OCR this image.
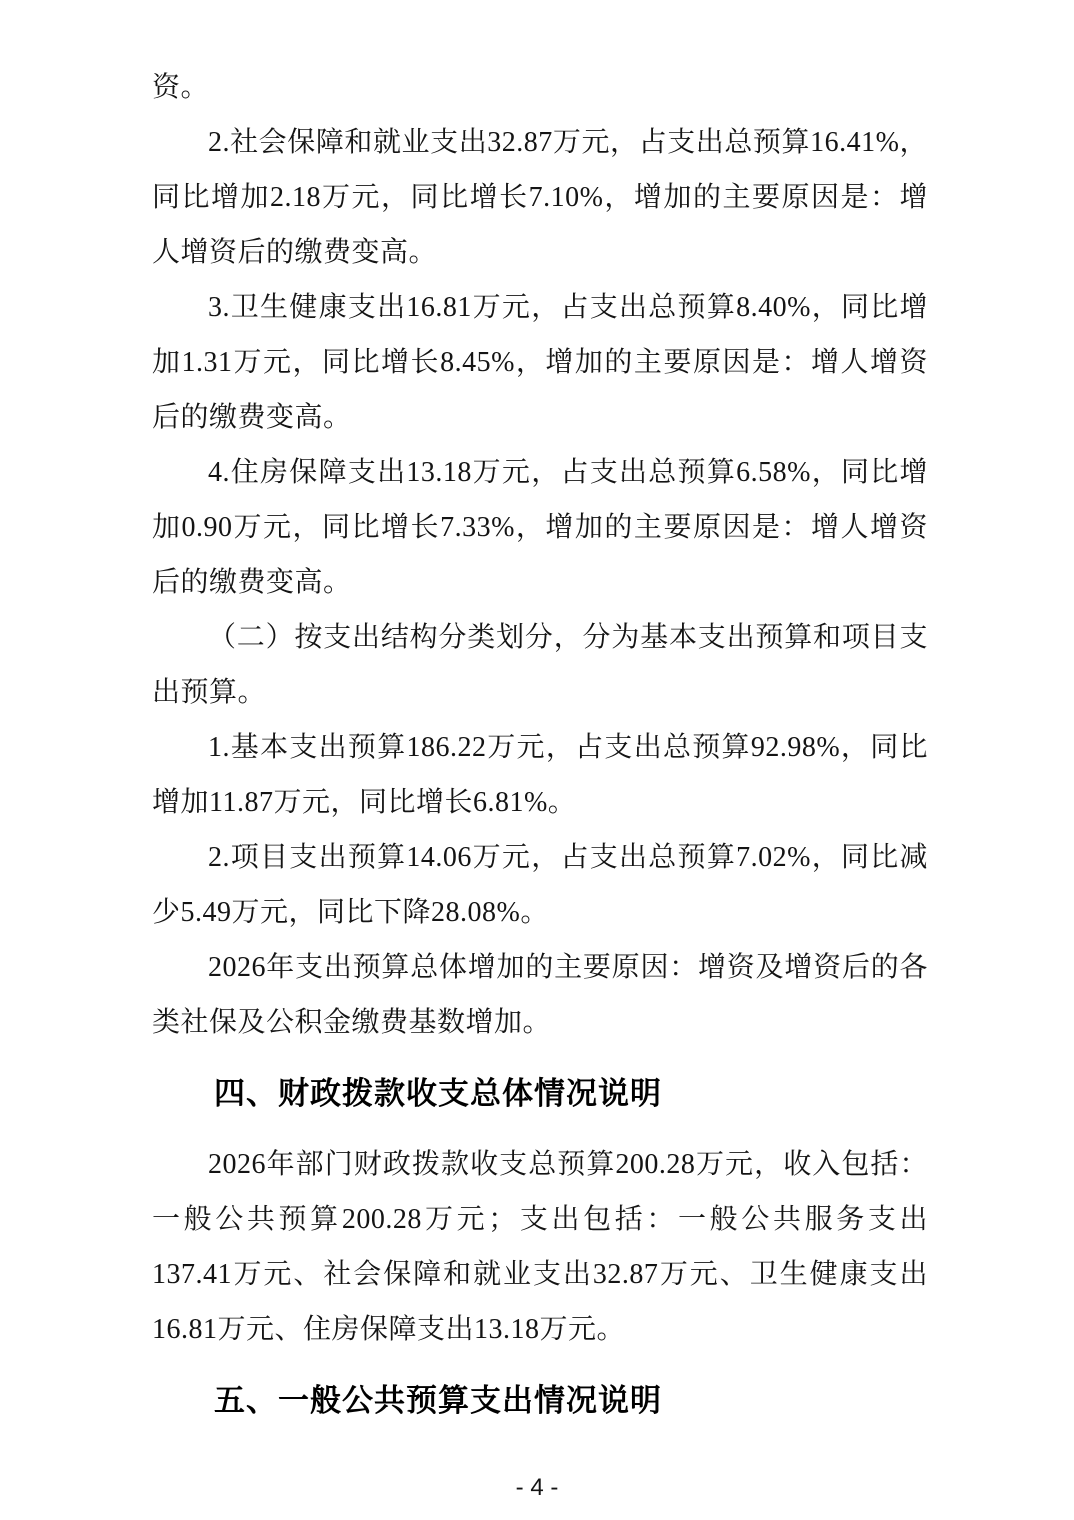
资。
2.社会保障和就业支出32.87万元，占支出总预算16.41%，同比增加2.18万元，同比增长7.10%，增加的主要原因是：增人增资后的缴费变高。
3.卫生健康支出16.81万元，占支出总预算8.40%，同比增加1.31万元，同比增长8.45%，增加的主要原因是：增人增资后的缴费变高。
4.住房保障支出13.18万元，占支出总预算6.58%，同比增加0.90万元，同比增长7.33%，增加的主要原因是：增人增资后的缴费变高。
（二）按支出结构分类划分，分为基本支出预算和项目支出预算。
1.基本支出预算186.22万元，占支出总预算92.98%，同比增加11.87万元，同比增长6.81%。
2.项目支出预算14.06万元，占支出总预算7.02%，同比减少5.49万元，同比下降28.08%。
2026年支出预算总体增加的主要原因：增资及增资后的各类社保及公积金缴费基数增加。
四、财政拨款收支总体情况说明
2026年部门财政拨款收支总预算200.28万元，收入包括：一般公共预算200.28万元；支出包括：一般公共服务支出137.41万元、社会保障和就业支出32.87万元、卫生健康支出16.81万元、住房保障支出13.18万元。
五、一般公共预算支出情况说明
- 4 -
